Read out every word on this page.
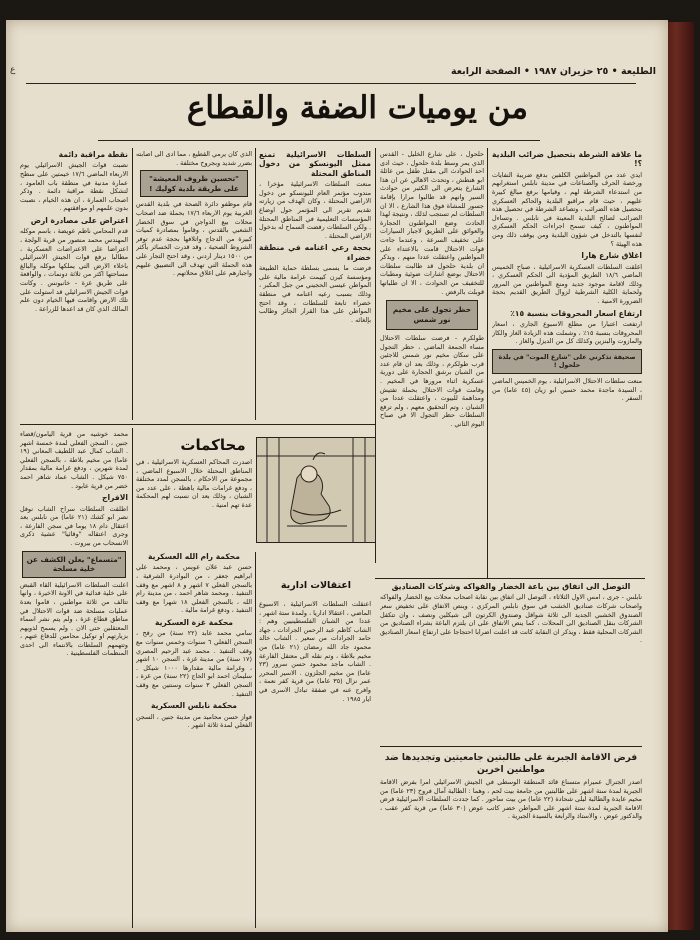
ع	الطليعة • ٢٥ حزيران ١٩٨٧ • الصفحة الرابعة
من يوميات الضفة والقطاع
ما علاقة الشرطة بتحصيل ضرائب البلدية ؟!
ايدي عدد من المواطنين الكلفين بدفع ضريبة النفايات ورخصة الحرف والصناعات في مدينة نابلس استغرابهم من استدعاء الشرطة لهم ، وقيامها برفع مبالغ كبيرة عليهم ، حيث قام مراقبو البلدية والحاكم العسكري بتحصيل هذه الضرائب ، وتصاعد الشرطة في تحصيل هذه الضرائب لصالح البلدية المعينة في نابلس . وتساءل المواطنون ، كيف تسمح اجراءات الحكم العسكري لنفسها بالتدخل في شؤون البلدية ومن يوقف ذلك ومن هذه الهيئة ؟
اغلاق شارع هارا
اغلقت السلطات العسكرية الاسرائيلية ، صباح الخميس الماضي ١٨/٦ الطريق المؤدية الى الحكم العسكري ، وذلك لاقامة موجود جديد ومنع المواطنين من المرور ولحماية الكلية الشرطية لزوال الطريق القديم بحجة الضرورة الامنية .
ارتفاع اسعار المحروقات بنسبة ١٥٪
ارتفعت اعتبارا من مطلع الاسبوع الجاري ، اسعار المحروقات بنسبة ١٥٪ ، وشملت هذه الزيادة الغاز والكاز والمازوت والبنزين وكذلك كل من الديزل والغاز .
صحيفة تذكرني على "شارع الموت" في بلدة حلحول !
منعت سلطات الاحتلال الاسرائيلية ، يوم الخميس الماضي ، السيدة ماجدة محمد حسين ابو زيان (٤٥ عاما) من السفر .
حلحول ، على شارع الخليل - القدس الذي يمر وسط بلدة حلحول ، حيث ادى احد الحوادث الى مقتل طفل من عائلة ابو هنطش ، وتحدث الاهالي عن ان هذا الشارع يتعرض الى الكثير من حوادث السير وانهم قد طالبوا مرارا بإقامة جسور للمشاة فوق هذا الشارع ، الا ان السلطات لم تستجب لذلك ، ونتيجة لهذا الحادث وضع المواطنون الحجارة والعوائق على الطريق لاجبار السيارات على تخفيف السرعة ، وعندما جاءت قوات الاحتلال قامت بالاعتداء على المواطنين واعتقلت عددا منهم ، ويذكر ان بلدية حلحول قد طالبت سلطات الاحتلال بوضع اشارات ضوئية ومطبات للتخفيف من الحوادث ، الا ان طلباتها قوبلت بالرفض .
حظر تجول على مخيم نور شمس
طولكرم - فرضت سلطات الاحتلال مساء الجمعة الماضي ، حظر التجول على سكان مخيم نور شمس للاجئين قرب طولكرم ، وذلك بعد ان قام عدد من الشبان برشق الحجارة على دورية عسكرية اثناء مرورها في المخيم . وقامت قوات الاحتلال بحملة تفتيش ومداهمة للبيوت ، واعتقلت عددا من الشبان ، وتم التحقيق معهم ، ولم ترفع السلطات حظر التجول الا في صباح اليوم الثاني .
السلطات الاسرائيلية تمنع ممثل اليونسكو من دخول المناطق المحتلة
منعت السلطات الاسرائيلية مؤخرا ، مندوب مؤتمر العام لليونسكو من دخول الاراضي المحتلة ، وكان الهدف من زيارته تقديم تقرير الى المؤتمر حول اوضاع المؤسسات التعليمية في المناطق المحتلة . ولكن السلطات رفضت السماح له بدخول الاراضي المحتلة .
بحجة رعي اغنامه في منطقة خضراء
فرضت ما يسمى بسلطة حماية الطبيعة ومؤسسة كيرن كييمت غرامة مالية على المواطن عيسى الحجيني من جبل المكبر ، وذلك بسبب رعيه اغنامه في منطقة خضراء تابعة للسلطات ، وقد احتج المواطن على هذا القرار الجائر وطالب بإلغائه .
الذي كان يرمي القطيع ، مما ادى الى اصابته بضرر شديد وبجروح مختلفة .
"تحسين ظروف المعيشة" على طريقة بلدية كوليك !
قام موظفو دائرة الصحة في بلدية القدس الغربية يوم الاربعاء ١٧/٦ بحملة ضد اصحاب محلات بيع الدواجن في سوق الخضار الشعبي بالقدس ، وقاموا بمصادرة كميات كبيرة من الدجاج واتلافها بحجة عدم توفر الشروط الصحية ، وقد قدرت الخسائر بأكثر من ١٥٠٠ دينار اردني ، وقد احتج التجار على هذه الحملة التي تهدف الى التضييق عليهم واجبارهم على اغلاق محلاتهم .
نقطة مراقبة دائمة
نصبت قوات الجيش الاسرائيلي يوم الاربعاء الماضي ١٧/٦ خيمتين على سطح عمارة مدنية في منطقة باب العامود ، لتشكل نقطة مراقبة دائمة . وذكر اصحاب العمارة ، ان هذه الخيام ، نصبت بدون علمهم او موافقتهم .
اعتراض على مصادرة ارض
قدم المحامي ناظم عويضة ، باسم موكله المهندس محمد منصور من قرية الولجة ، اعتراضا على الاعتراضات العسكرية ، مطالبا برفع قوات الجيش الاسرائيلي باخلاء الارض التي يملكها موكله والبالغ مساحتها اكثر من ثلاثة دونمات ، والواقعة على طريق غزة - خانيونس . وكانت قوات الجيش الاسرائيلي قد استولت على تلك الارض واقامت فيها الخيام دون علم المالك الذي كان قد اعدها للزراعة .
محاكمات
اصدرت المحاكم العسكرية الاسرائيلية ، في المناطق المحتلة خلال الاسبوع الماضي ، مجموعة من الاحكام ، بالسجن لمدد مختلفة ، ودفع غرامات مالية باهظة ، على عدد من الشبان ، وذلك بعد ان نسبت لهم المحكمة عدة تهم امنية .
محكمة رام الله العسكرية
حسن عبد علان عويس ، ومحمد علي ابراهيم جعفر ، من البوادرة الشرقية ، بالسجن الفعلي ٧ اشهر و ٨ اشهر مع وقف التنفيذ . ومحمد شاهر احمد ، من مدينة رام الله ، بالسجن الفعلي ١٨ شهرا مع وقف التنفيذ ، ودفع غرامة مالية .
محكمة غزة العسكرية
سامي محمد عابد (٢٢ سنة) من رفح ، السجن الفعلي ٦ سنوات وخمس سنوات مع وقف التنفيذ . محمد عبد الرحيم المصري (١٧ سنة) من مدينة غزة ، السجن ١٠ اشهر ، وغرامة مالية مقدارها ١٠٠٠ شيكل . سليمان احمد ابو الحاج (٢٢ سنة) من غزة ، السجن الفعلي ٣ سنوات وسنتين مع وقف التنفيذ .
محكمة نابلس العسكرية
فواز حسن محاميد من مدينة جنين ، السجن الفعلي لمدة ثلاثة اشهر .
اعتقالات ادارية
اعتقلت السلطات الاسرائيلية ، الاسبوع الماضي ، اعتقالا اداريا ، ولمدة ستة اشهر ، عددا من الشبان الفلسطينيين وهم : الشاب كاظم عبد الرحمن الجرادات ، جهاد حامد الجرادات من سعير . الشاب خالد محمود جاد الله رمضان (٢١ عاما) من مخيم بلاطة ، وتم نقله الى معتقل الفارعة . الشاب ماجد محمود حسن سرور (٢٣ عاما) من مخيم الجلزون . الاسير المحرر عمر نزال (٣٥ عاما) من قرية كفر نعمة ، وافرج عنه في صفقة تبادل الاسرى في ايار ١٩٨٥ .
محمد خوشيه من قرية اليامون/قضاء جنين ، السجن الفعلي لمدة خمسة اشهر . الشاب كمال عبد اللطيف المعاني (١٩ عاما) من مخيم بلاطة ، بالسجن الفعلي لمدة شهرين ، ودفع غرامة مالية بمقدار ٧٥٠ شيكل . الشاب عماد شاهر احمد خضر من قرية عابود .
الافراج
اطلقت السلطات سراح الشاب نوفل نصر ابو كشك (٢١ عاما) من نابلس بعد اعتقال دام ١٨ يوما في سجن الفارعة ، وجرى اعتقاله "وقائيا" عشية ذكرى الانسحاب من بيروت .
"متسماع" يعلن الكشف عن خلية مسلحة
اعلنت السلطات الاسرائيلية القاء القبض على خلية فدائية في الاونة الاخيرة ، وانها تتالف من ثلاثة مواطنين ، قاموا بعدة عمليات مسلحة ضد قوات الاحتلال في مناطق قطاع غزة ، ولم يتم نشر اسماء المعتقلين حتى الان . ولم يسمح لذويهم بزيارتهم او توكيل محامين للدفاع عنهم ، وتتهمهم السلطات بالانتماء الى احدى المنظمات الفلسطينية .
التوصل الى اتفاق بين باعة الخضار والفواكه وشركات الصناديق
نابلس - جرى ، امس الاول الثلاثاء ، التوصل الى اتفاق بين نقابة اصحاب محلات بيع الخضار والفواكه واصحاب شركات صناديق الخشب في سوق نابلس المركزي ، وينص الاتفاق على تخفيض سعر الصندوق الخشبي الجديد الى ثلاثة شواقل وصندوق الكرتون الى شيكلين ونصف ، وان تتكفل الشركات بنقل الصناديق الى المحلات ، كما ينص الاتفاق على ان يلتزم الباعة بشراء الصناديق من الشركات المحلية فقط ، ويذكر ان النقابة كانت قد اعلنت اضرابا احتجاجا على ارتفاع اسعار الصناديق .
فرض الاقامة الجبرية على طالبتين جامعيتين وتجديدها ضد مواطنين اخرين
اصدر الجنرال عميرام متسناع قائد المنطقة الوسطى في الجيش الاسرائيلي امرا بفرض الاقامة الجبرية لمدة ستة اشهر على طالبتين من جامعة بيت لحم ، وهما : الطالبة آمال فروخ (٢٣ عاما) من مخيم عايدة والطالبة ليلى شحادة (٢٢ عاما) من بيت ساحور . كما جددت السلطات الاسرائيلية فرض الاقامة الجبرية لمدة ستة اشهر على المواطن خضر كاتب عوض (٣٠ عاما) من قرية كفر عقب ، والدكتور عوض ، والاستاذ والرابعة بالسيدة الجبرية .
